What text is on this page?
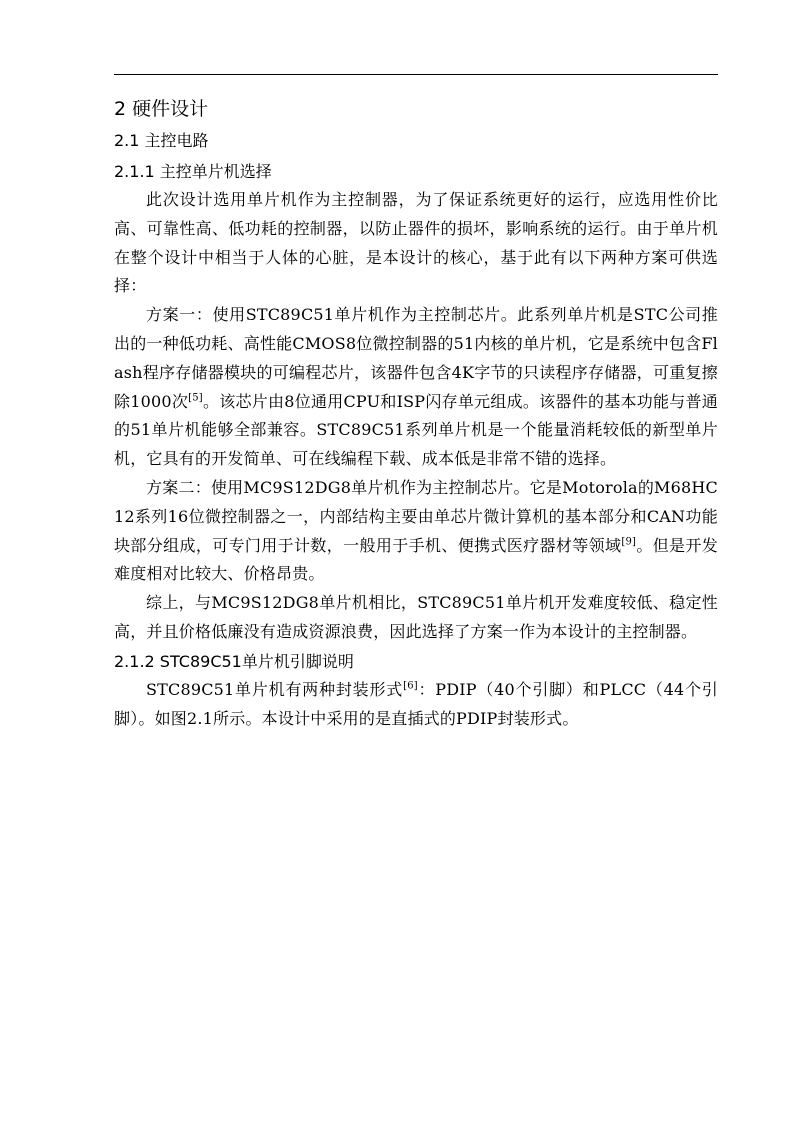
2 硬件设计
2.1 主控电路
2.1.1 主控单片机选择

此次设计选用单片机作为主控制器，为了保证系统更好的运行，应选用性价比高、可靠性高、低功耗的控制器，以防止器件的损坏，影响系统的运行。由于单片机在整个设计中相当于人体的心脏，是本设计的核心，基于此有以下两种方案可供选择：

方案一：使用STC89C51单片机作为主控制芯片。此系列单片机是STC公司推出的一种低功耗、高性能CMOS8位微控制器的51内核的单片机，它是系统中包含Flash程序存储器模块的可编程芯片，该器件包含4K字节的只读程序存储器，可重复擦除1000次[5]。该芯片由8位通用CPU和ISP闪存单元组成。该器件的基本功能与普通的51单片机能够全部兼容。STC89C51系列单片机是一个能量消耗较低的新型单片机，它具有的开发简单、可在线编程下载、成本低是非常不错的选择。

方案二：使用MC9S12DG8单片机作为主控制芯片。它是Motorola的M68HC12系列16位微控制器之一，内部结构主要由单芯片微计算机的基本部分和CAN功能块部分组成，可专门用于计数，一般用于手机、便携式医疗器材等领域[9]。但是开发难度相对比较大、价格昂贵。

综上，与MC9S12DG8单片机相比，STC89C51单片机开发难度较低、稳定性高，并且价格低廉没有造成资源浪费，因此选择了方案一作为本设计的主控制器。

2.1.2 STC89C51单片机引脚说明

STC89C51单片机有两种封装形式[6]：PDIP（40个引脚）和PLCC（44个引脚）。如图2.1所示。本设计中采用的是直插式的PDIP封装形式。
